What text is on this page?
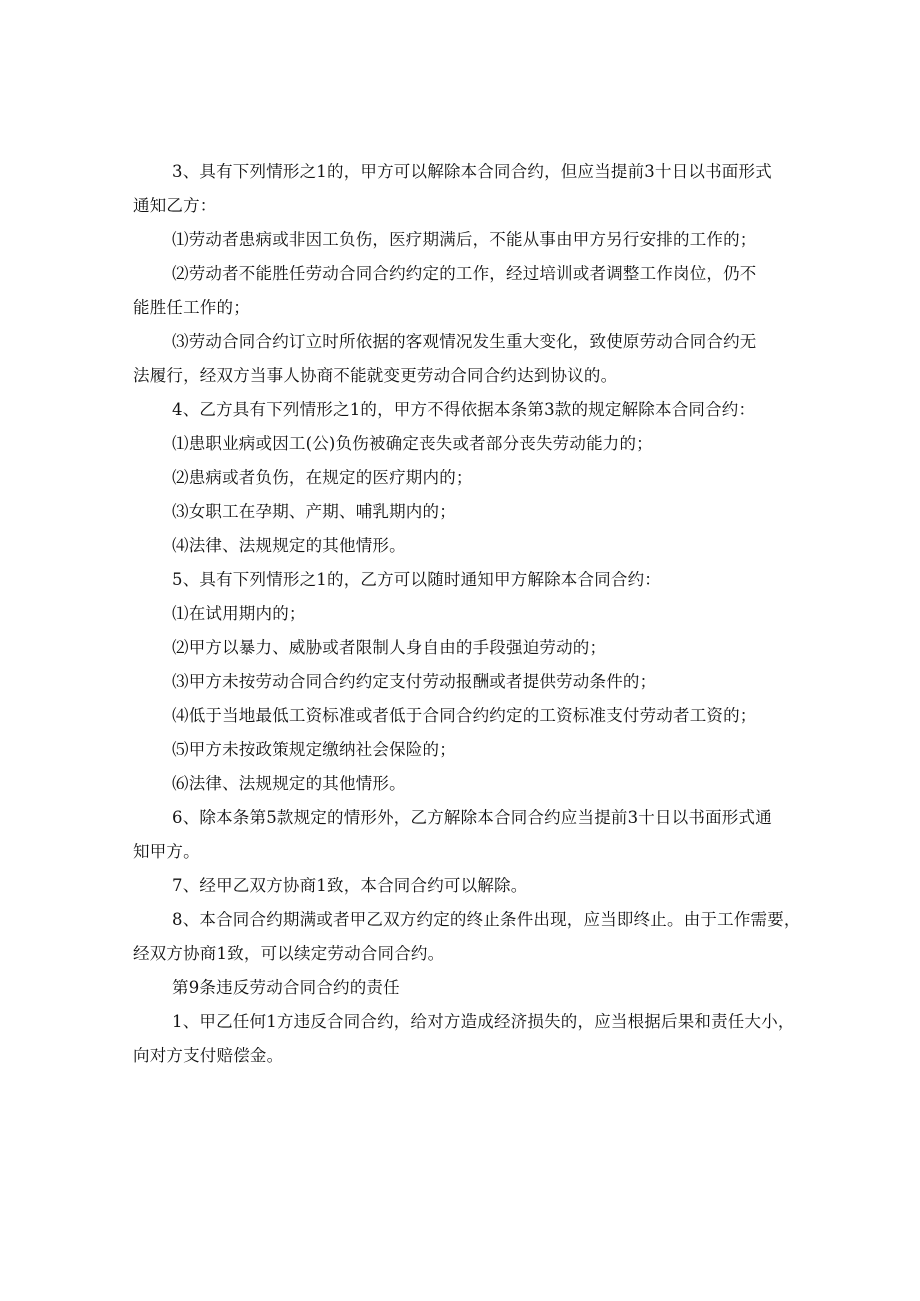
3、具有下列情形之1的，甲方可以解除本合同合约，但应当提前3十日以书面形式

通知乙方：

⑴劳动者患病或非因工负伤，医疗期满后，不能从事由甲方另行安排的工作的；

⑵劳动者不能胜任劳动合同合约约定的工作，经过培训或者调整工作岗位，仍不

能胜任工作的；

⑶劳动合同合约订立时所依据的客观情况发生重大变化，致使原劳动合同合约无

法履行，经双方当事人协商不能就变更劳动合同合约达到协议的。

4、乙方具有下列情形之1的，甲方不得依据本条第3款的规定解除本合同合约：

⑴患职业病或因工(公)负伤被确定丧失或者部分丧失劳动能力的；

⑵患病或者负伤，在规定的医疗期内的；

⑶女职工在孕期、产期、哺乳期内的；

⑷法律、法规规定的其他情形。

5、具有下列情形之1的，乙方可以随时通知甲方解除本合同合约：

⑴在试用期内的；

⑵甲方以暴力、威胁或者限制人身自由的手段强迫劳动的；

⑶甲方未按劳动合同合约约定支付劳动报酬或者提供劳动条件的；

⑷低于当地最低工资标准或者低于合同合约约定的工资标准支付劳动者工资的；

⑸甲方未按政策规定缴纳社会保险的；

⑹法律、法规规定的其他情形。

6、除本条第5款规定的情形外，乙方解除本合同合约应当提前3十日以书面形式通

知甲方。

7、经甲乙双方协商1致，本合同合约可以解除。

8、本合同合约期满或者甲乙双方约定的终止条件出现，应当即终止。由于工作需要，

经双方协商1致，可以续定劳动合同合约。

第9条违反劳动合同合约的责任

1、甲乙任何1方违反合同合约，给对方造成经济损失的，应当根据后果和责任大小，

向对方支付赔偿金。
